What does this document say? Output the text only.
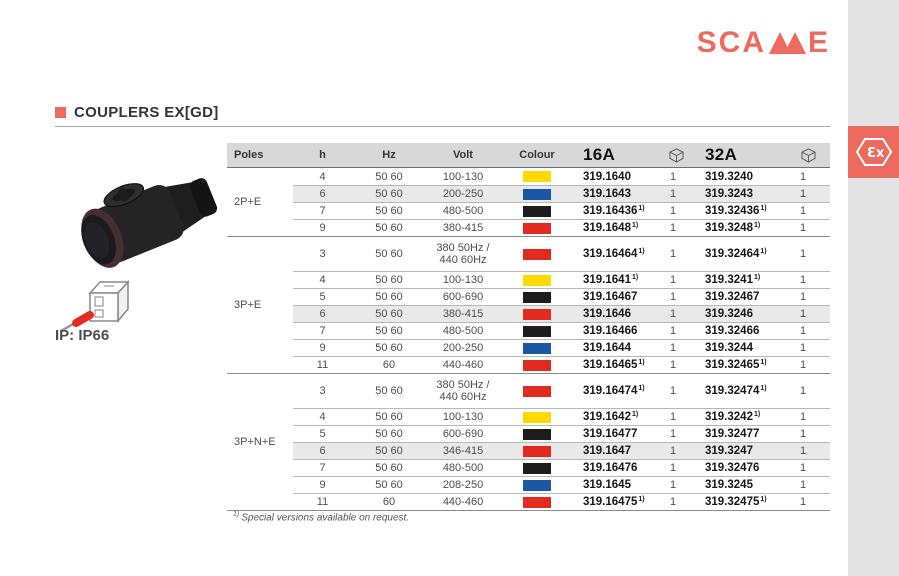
Ɛx
SCA E
COUPLERS EX[GD]
IP: IP66
Poles	h	Hz	Volt	Colour	16A	32A
2P+E
4	50 60	100-130	319.1640	1	319.3240	1
6	50 60	200-250	319.1643	1	319.3243	1
7	50 60	480-500	319.16436 1)	1	319.32436 1)	1
9	50 60	380-415	319.1648 1)	1	319.3248 1)	1
3P+E
3	50 60	380 50Hz / 440 60Hz	319.16464 1)	1	319.32464 1)	1
4	50 60	100-130	319.1641 1)	1	319.3241 1)	1
5	50 60	600-690	319.16467	1	319.32467	1
6	50 60	380-415	319.1646	1	319.3246	1
7	50 60	480-500	319.16466	1	319.32466	1
9	50 60	200-250	319.1644	1	319.3244	1
11	60	440-460	319.16465 1)	1	319.32465 1)	1
3P+N+E
3	50 60	380 50Hz / 440 60Hz	319.16474 1)	1	319.32474 1)	1
4	50 60	100-130	319.1642 1)	1	319.3242 1)	1
5	50 60	600-690	319.16477	1	319.32477	1
6	50 60	346-415	319.1647	1	319.3247	1
7	50 60	480-500	319.16476	1	319.32476	1
9	50 60	208-250	319.1645	1	319.3245	1
11	60	440-460	319.16475 1)	1	319.32475 1)	1
$^{1)}$ Special versions available on request.
